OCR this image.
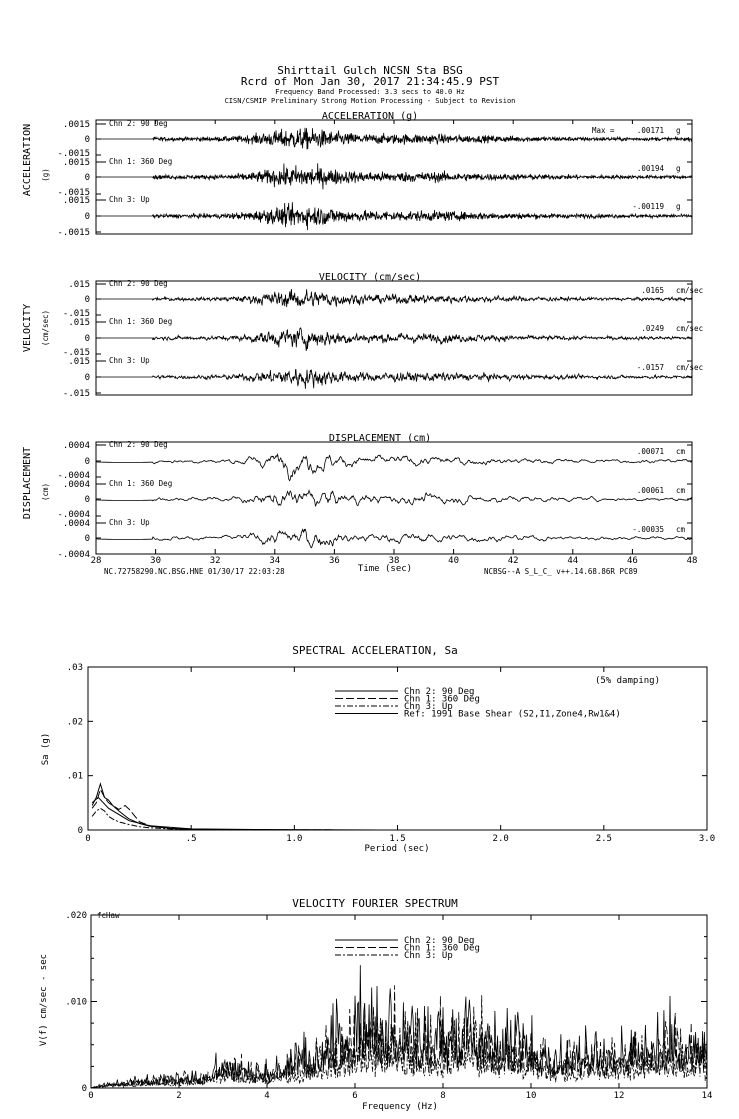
Shirttail Gulch NCSN Sta BSG
Rcrd of Mon Jan 30, 2017 21:34:45.9 PST
Frequency Band Processed: 3.3 secs to 40.0 Hz
CISN/CSMIP Preliminary Strong Motion Processing - Subject to Revision
ACCELERATION (g)
VELOCITY (cm/sec)
DISPLACEMENT (cm)
ACCELERATION (g)
VELOCITY (cm/sec)
DISPLACEMENT (cm)
Time (sec)
NC.72758290.NC.BSG.HNE 01/30/17 22:03:28	NCBSG--A S_L_C_ v++.14.68.86R PC89
SPECTRAL ACCELERATION, Sa
(5% damping)
Sa (g)
Period (sec)
VELOCITY FOURIER SPECTRUM
fcHaw
V(f) cm/sec - sec
Frequency (Hz)
.0015
0
-.0015
Chn 2: 90 Deg
Max =	.00171 g
.0015
0
-.0015
Chn 1: 360 Deg
.00194 g
.0015
0
-.0015
Chn 3: Up
-.00119 g
.015
0
-.015
Chn 2: 90 Deg
.0165 cm/sec
.015
0
-.015
Chn 1: 360 Deg
.0249 cm/sec
.015
0
-.015
Chn 3: Up
-.0157 cm/sec
.0004
0
-.0004
Chn 2: 90 Deg
.00071 cm
.0004
0
-.0004
Chn 1: 360 Deg
.00061 cm
.0004
0
-.0004
Chn 3: Up
-.00035 cm
28	30	32	34	36	38	40	42	44	46	48
0	.5	1.0	1.5	2.0	2.5	3.0
0
.01
.02
.03
Chn 2: 90 Deg
Chn 1: 360 Deg
Chn 3: Up
Ref: 1991 Base Shear (S2,I1,Zone4,Rw1&4)
0	2	4	6	8	10	12	14
0
.010
.020
Chn 2: 90 Deg
Chn 1: 360 Deg
Chn 3: Up
